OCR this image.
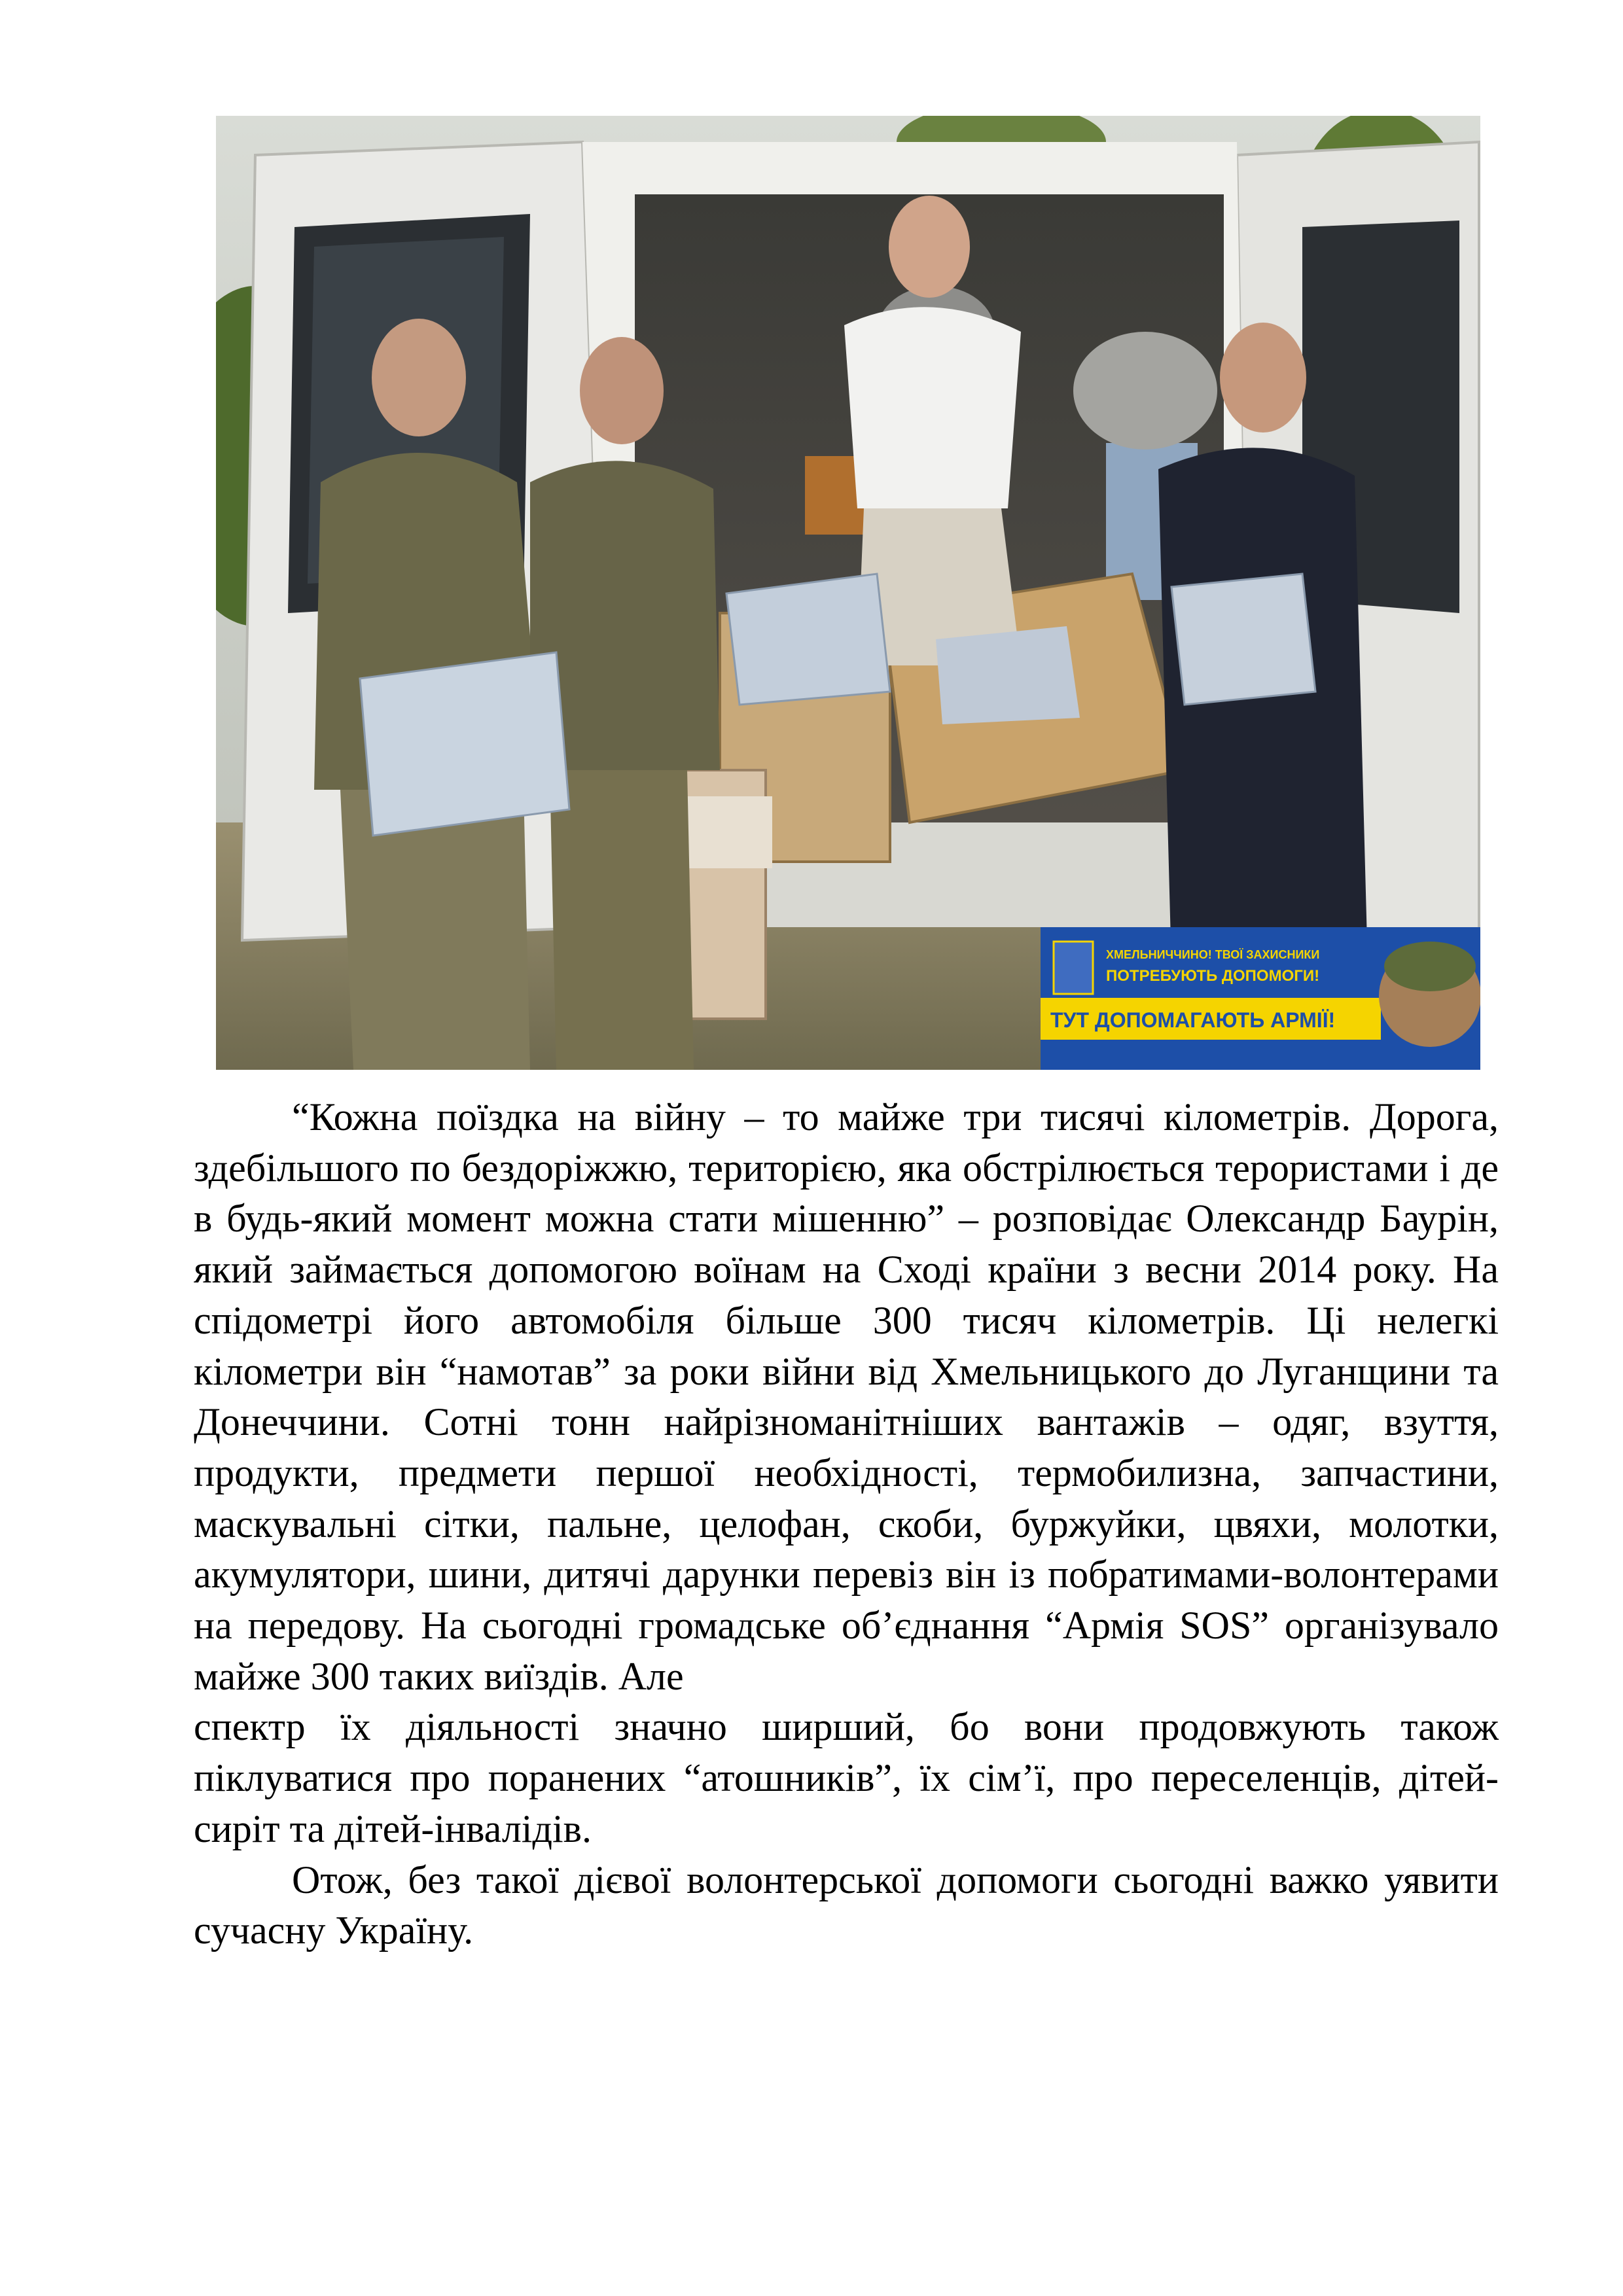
ХМЕЛЬНИЧЧИНО! ТВОЇ ЗАХИСНИКИ
ПОТРЕБУЮТЬ ДОПОМОГИ!
ТУТ ДОПОМАГАЮТЬ АРМІЇ!

“Кожна поїздка на війну – то майже три тисячі кілометрів. Дорога, здебільшого по бездоріжжю, територією, яка обстрілюється терористами і де в будь-який момент можна стати мішенню” – розповідає Олександр Баурін, який займається допомогою воїнам на Сході країни з весни 2014 року. На спідометрі його автомобіля більше 300 тисяч кілометрів. Ці нелегкі кілометри він “намотав” за роки війни від Хмельницького до Луганщини та Донеччини. Сотні тонн найрізноманітніших вантажів – одяг, взуття, продукти, предмети першої необхідності, термобилизна, запчастини, маскувальні сітки, пальне, целофан, скоби, буржуйки, цвяхи, молотки, акумулятори, шини, дитячі дарунки перевіз він із побратимами-волонтерами на передову. На сьогодні громадське об’єднання “Армія SOS” організувало майже 300 таких виїздів. Але

спектр їх діяльності значно ширший, бо вони продовжують також піклуватися про поранених “атошників”, їх сім’ї, про переселенців, дітей-сиріт та дітей-інвалідів.

Отож, без такої дієвої волонтерської допомоги сьогодні важко уявити сучасну Україну.
